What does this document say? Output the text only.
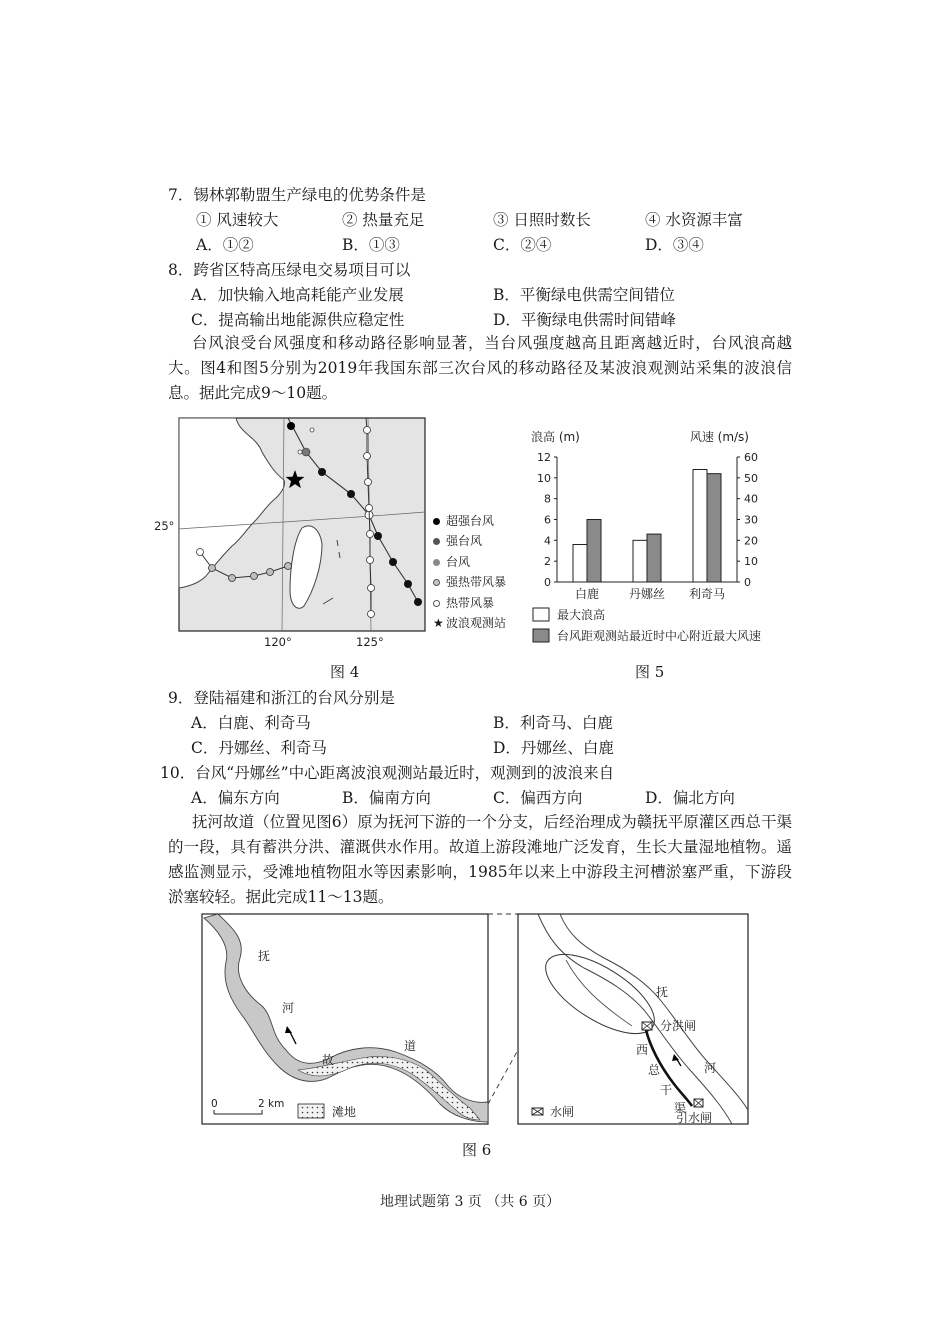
7．锡林郭勒盟生产绿电的优势条件是
① 风速较大	② 热量充足	③ 日照时数长	④ 水资源丰富
A．①②	B．①③	C．②④	D．③④
8．跨省区特高压绿电交易项目可以
A．加快输入地高耗能产业发展	B．平衡绿电供需空间错位
C．提高输出地能源供应稳定性	D．平衡绿电供需时间错峰
台风浪受台风强度和移动路径影响显著，当台风强度越高且距离越近时，台风浪高越大。图4和图5分别为2019年我国东部三次台风的移动路径及某波浪观测站采集的波浪信息。据此完成9～10题。
25°
120°	125°
超强台风
强台风
台风
强热带风暴
热带风暴
★ 波浪观测站
浪高 (m)	风速 (m/s)
0
2
4
6
8
10
12
0
10
20
30
40
50
60
白鹿 丹娜丝 利奇马
最大浪高
台风距观测站最近时中心附近最大风速
图 4	图 5
9．登陆福建和浙江的台风分别是
A．白鹿、利奇马	B．利奇马、白鹿
C．丹娜丝、利奇马	D．丹娜丝、白鹿
10．台风“丹娜丝”中心距离波浪观测站最近时，观测到的波浪来自
A．偏东方向	B．偏南方向	C．偏西方向	D．偏北方向
抚河故道（位置见图6）原为抚河下游的一个分支，后经治理成为赣抚平原灌区西总干渠的一段，具有蓄洪分洪、灌溉供水作用。故道上游段滩地广泛发育，生长大量湿地植物。遥感监测显示，受滩地植物阻水等因素影响，1985年以来上中游段主河槽淤塞严重，下游段淤塞较轻。据此完成11～13题。
抚
河
故
道
0	2 km
滩地
抚
河
西
总
干
渠
分洪闸
引水闸
水闸
图 6
地理试题第 3 页 （共 6 页）
